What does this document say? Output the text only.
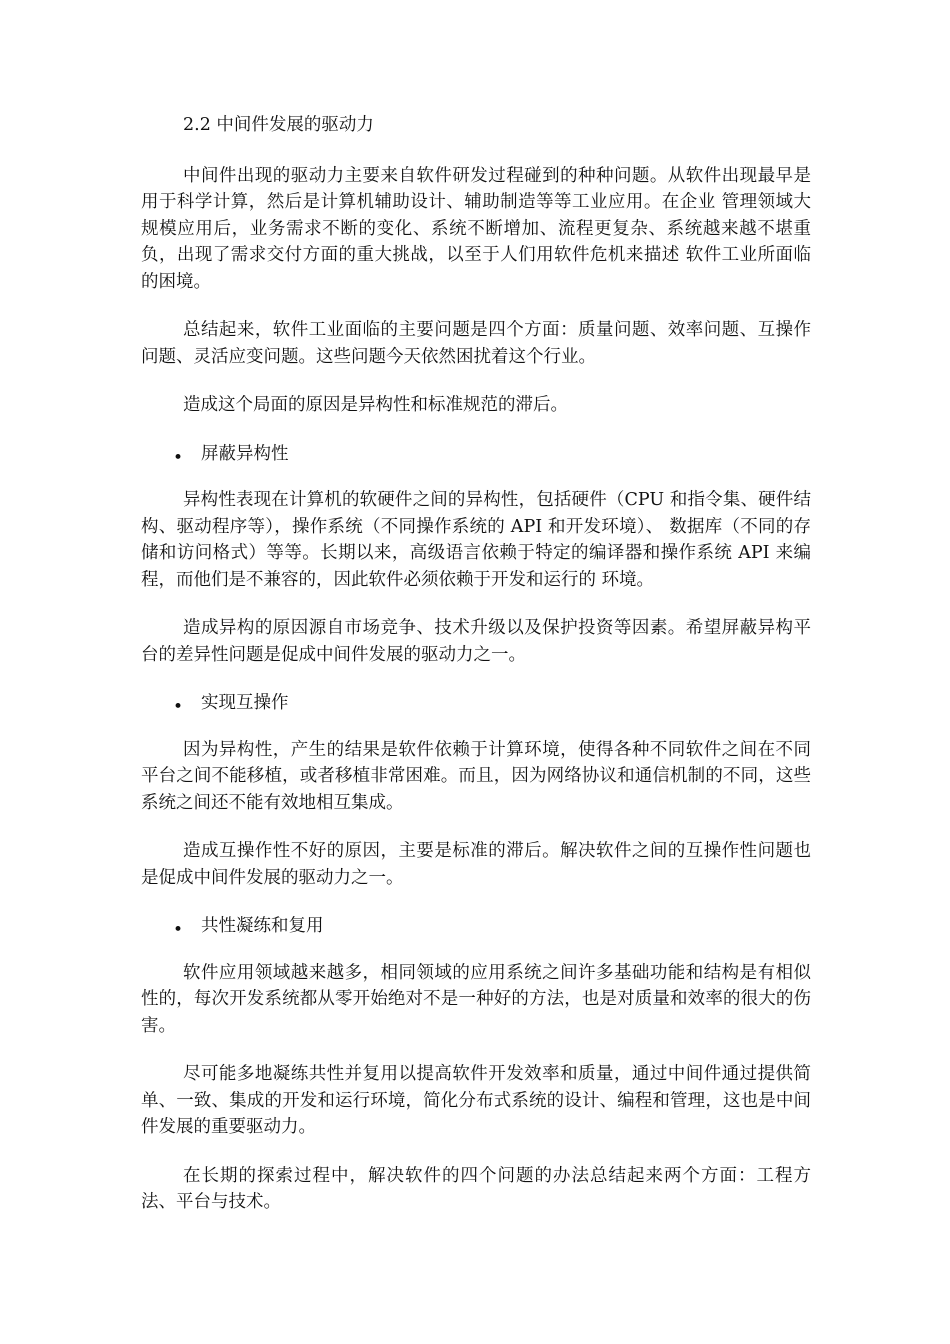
2.2 中间件发展的驱动力

中间件出现的驱动力主要来自软件研发过程碰到的种种问题。从软件出现最早是用于科学计算，然后是计算机辅助设计、辅助制造等等工业应用。在企业 管理领域大规模应用后，业务需求不断的变化、系统不断增加、流程更复杂、系统越来越不堪重负，出现了需求交付方面的重大挑战，以至于人们用软件危机来描述 软件工业所面临的困境。

总结起来，软件工业面临的主要问题是四个方面：质量问题、效率问题、互操作问题、灵活应变问题。这些问题今天依然困扰着这个行业。

造成这个局面的原因是异构性和标准规范的滞后。

• 屏蔽异构性

异构性表现在计算机的软硬件之间的异构性，包括硬件（CPU 和指令集、硬件结构、驱动程序等），操作系统（不同操作系统的 API 和开发环境）、 数据库（不同的存储和访问格式）等等。长期以来，高级语言依赖于特定的编译器和操作系统 API 来编程，而他们是不兼容的，因此软件必须依赖于开发和运行的 环境。

造成异构的原因源自市场竞争、技术升级以及保护投资等因素。希望屏蔽异构平台的差异性问题是促成中间件发展的驱动力之一。

• 实现互操作

因为异构性，产生的结果是软件依赖于计算环境，使得各种不同软件之间在不同平台之间不能移植，或者移植非常困难。而且，因为网络协议和通信机制的不同，这些系统之间还不能有效地相互集成。

造成互操作性不好的原因，主要是标准的滞后。解决软件之间的互操作性问题也是促成中间件发展的驱动力之一。

• 共性凝练和复用

软件应用领域越来越多，相同领域的应用系统之间许多基础功能和结构是有相似性的，每次开发系统都从零开始绝对不是一种好的方法，也是对质量和效率的很大的伤害。

尽可能多地凝练共性并复用以提高软件开发效率和质量，通过中间件通过提供简单、一致、集成的开发和运行环境，简化分布式系统的设计、编程和管理，这也是中间件发展的重要驱动力。

在长期的探索过程中，解决软件的四个问题的办法总结起来两个方面：工程方法、平台与技术。
